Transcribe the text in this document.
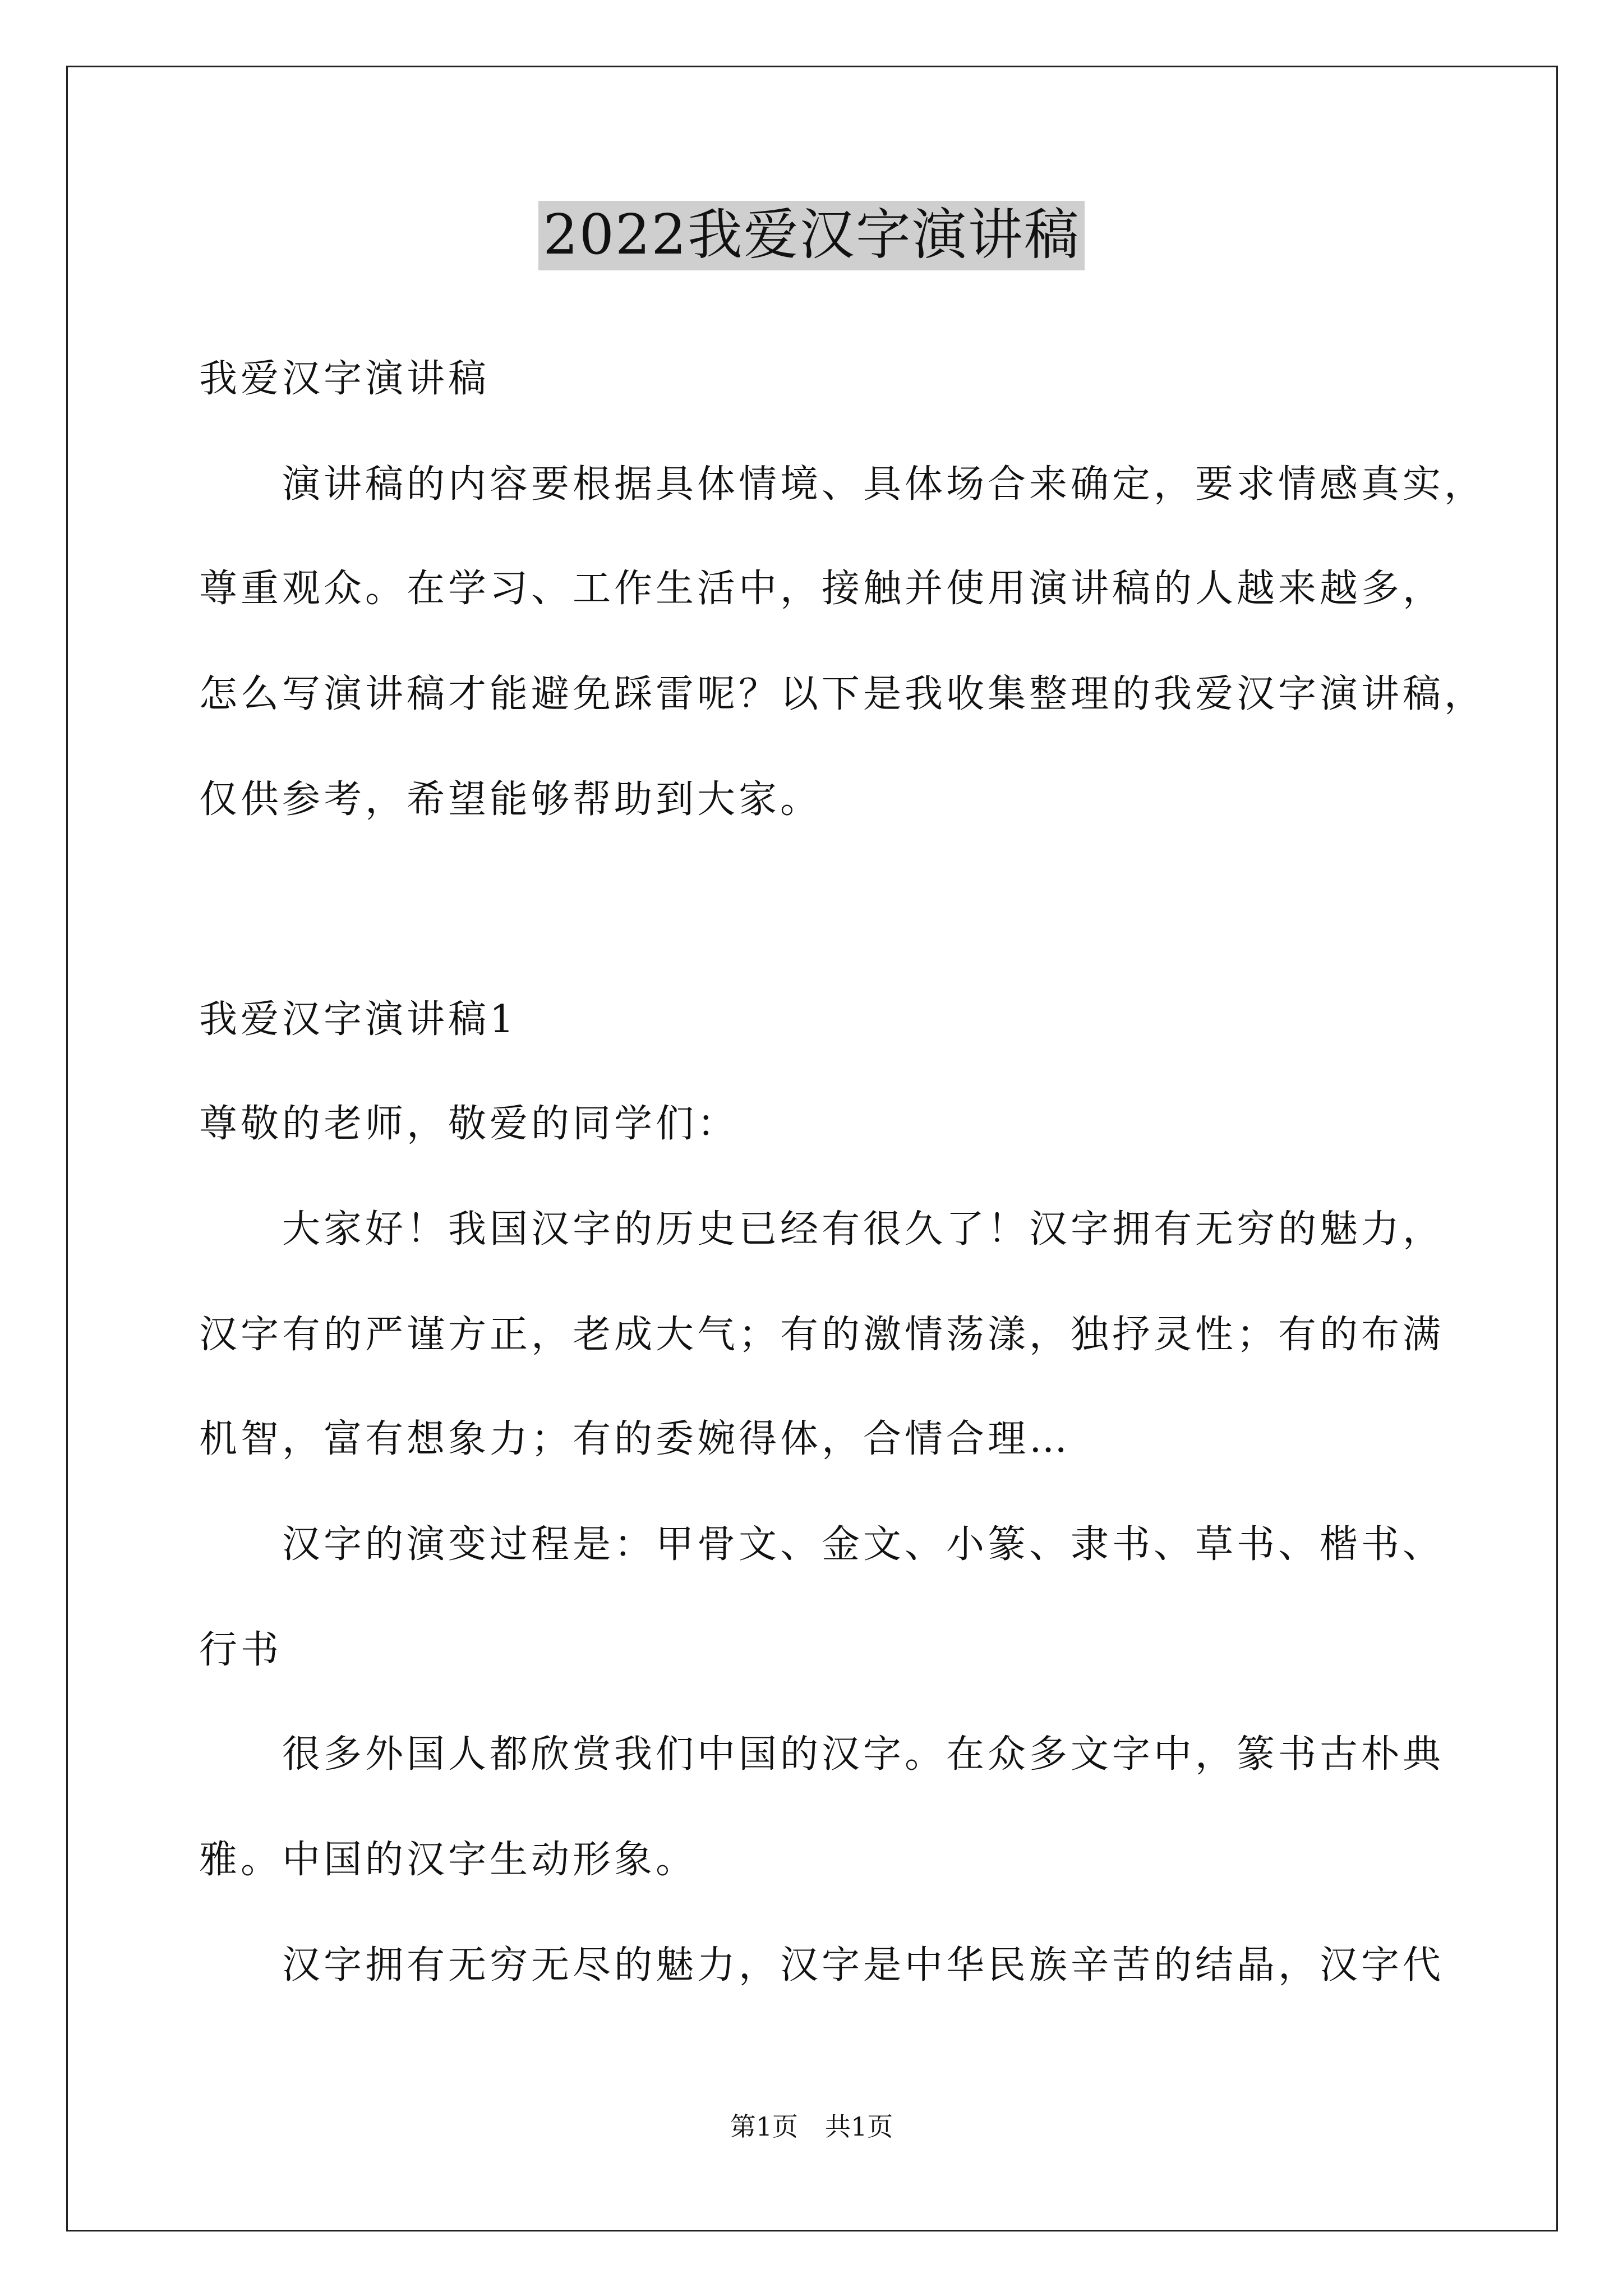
2022我爱汉字演讲稿

我爱汉字演讲稿

　　演讲稿的内容要根据具体情境、具体场合来确定，要求情感真实，

尊重观众。在学习、工作生活中，接触并使用演讲稿的人越来越多，

怎么写演讲稿才能避免踩雷呢？以下是我收集整理的我爱汉字演讲稿，

仅供参考，希望能够帮助到大家。

我爱汉字演讲稿1

尊敬的老师，敬爱的同学们：

　　大家好！我国汉字的历史已经有很久了！汉字拥有无穷的魅力，

汉字有的严谨方正，老成大气；有的激情荡漾，独抒灵性；有的布满

机智，富有想象力；有的委婉得体，合情合理…

　　汉字的演变过程是：甲骨文、金文、小篆、隶书、草书、楷书、

行书

　　很多外国人都欣赏我们中国的汉字。在众多文字中，篆书古朴典

雅。中国的汉字生动形象。

　　汉字拥有无穷无尽的魅力，汉字是中华民族辛苦的结晶，汉字代

第1页 共1页
